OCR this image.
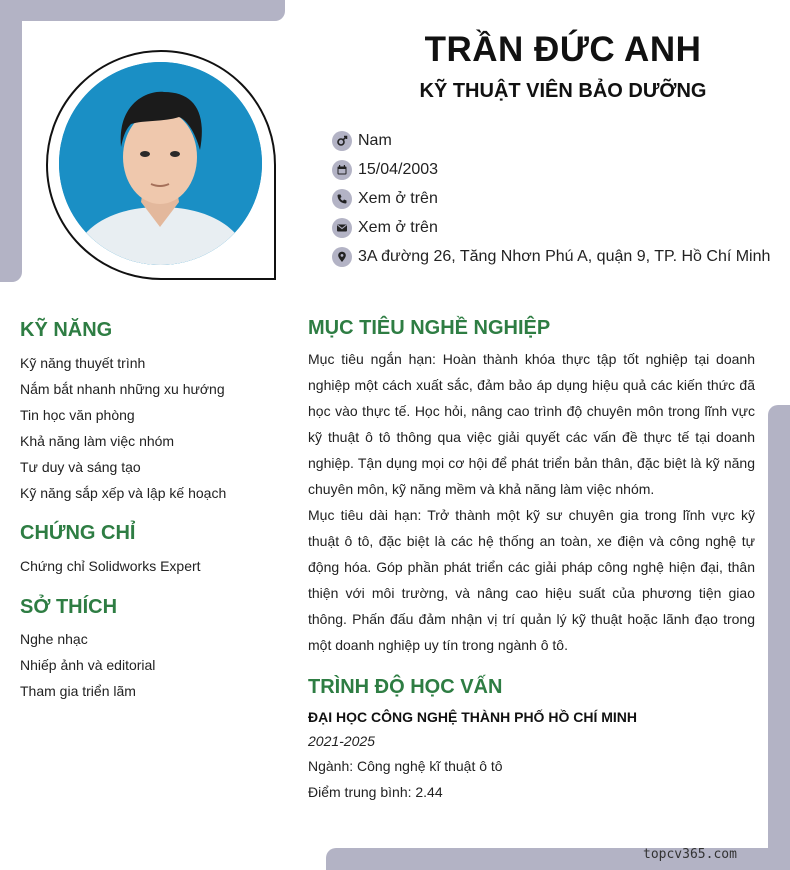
TRẦN ĐỨC ANH
KỸ THUẬT VIÊN BẢO DƯỠNG
Nam
15/04/2003
Xem ở trên
Xem ở trên
3A đường 26, Tăng Nhơn Phú A, quận 9, TP. Hồ Chí Minh
KỸ NĂNG
Kỹ năng thuyết trình
Nắm bắt nhanh những xu hướng
Tin học văn phòng
Khả năng làm việc nhóm
Tư duy và sáng tạo
Kỹ năng sắp xếp và lập kế hoạch
CHỨNG CHỈ
Chứng chỉ Solidworks Expert
SỞ THÍCH
Nghe nhạc
Nhiếp ảnh và editorial
Tham gia triển lãm
MỤC TIÊU NGHỀ NGHIỆP

Mục tiêu ngắn hạn: Hoàn thành khóa thực tập tốt nghiệp tại doanh nghiệp một cách xuất sắc, đảm bảo áp dụng hiệu quả các kiến thức đã học vào thực tế. Học hỏi, nâng cao trình độ chuyên môn trong lĩnh vực kỹ thuật ô tô thông qua việc giải quyết các vấn đề thực tế tại doanh nghiệp. Tận dụng mọi cơ hội để phát triển bản thân, đặc biệt là kỹ năng chuyên môn, kỹ năng mềm và khả năng làm việc nhóm.

Mục tiêu dài hạn: Trở thành một kỹ sư chuyên gia trong lĩnh vực kỹ thuật ô tô, đặc biệt là các hệ thống an toàn, xe điện và công nghệ tự động hóa. Góp phần phát triển các giải pháp công nghệ hiện đại, thân thiện với môi trường, và nâng cao hiệu suất của phương tiện giao thông. Phấn đấu đảm nhận vị trí quản lý kỹ thuật hoặc lãnh đạo trong một doanh nghiệp uy tín trong ngành ô tô.

TRÌNH ĐỘ HỌC VẤN
ĐẠI HỌC CÔNG NGHỆ THÀNH PHỐ HỒ CHÍ MINH
2021-2025
Ngành: Công nghệ kĩ thuật ô tô
Điểm trung bình: 2.44
topcv365.com
